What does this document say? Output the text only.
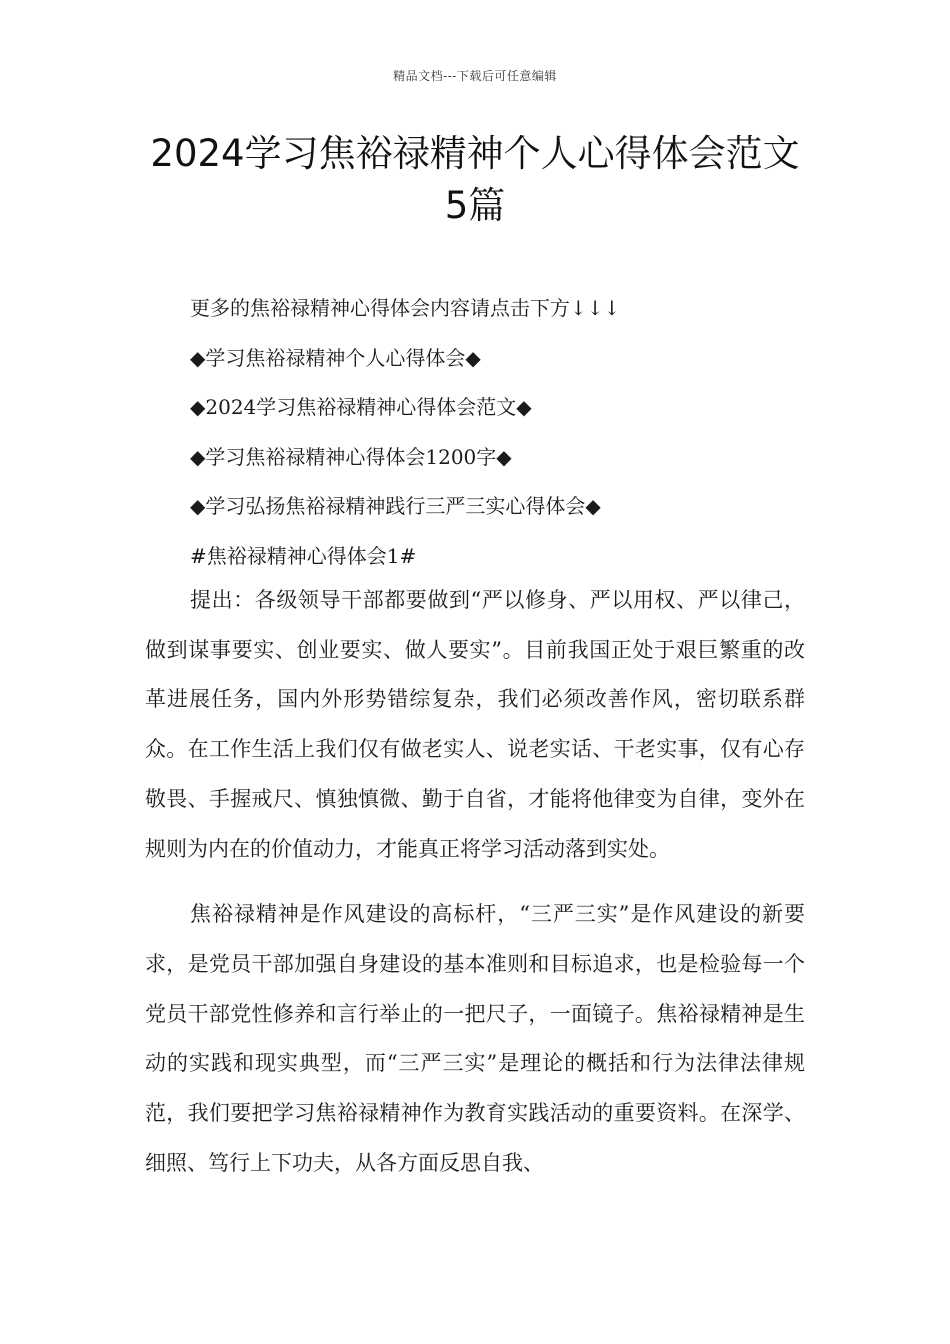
精品文档---下载后可任意编辑
2024学习焦裕禄精神个人心得体会范文
5篇
更多的焦裕禄精神心得体会内容请点击下方↓↓↓
◆学习焦裕禄精神个人心得体会◆
◆2024学习焦裕禄精神心得体会范文◆
◆学习焦裕禄精神心得体会1200字◆
◆学习弘扬焦裕禄精神践行三严三实心得体会◆
#焦裕禄精神心得体会1#

提出：各级领导干部都要做到“严以修身、严以用权、严以律己，做到谋事要实、创业要实、做人要实”。目前我国正处于艰巨繁重的改革进展任务，国内外形势错综复杂，我们必须改善作风，密切联系群众。在工作生活上我们仅有做老实人、说老实话、干老实事，仅有心存敬畏、手握戒尺、慎独慎微、勤于自省，才能将他律变为自律，变外在规则为内在的价值动力，才能真正将学习活动落到实处。

焦裕禄精神是作风建设的高标杆，“三严三实”是作风建设的新要求，是党员干部加强自身建设的基本准则和目标追求，也是检验每一个党员干部党性修养和言行举止的一把尺子，一面镜子。焦裕禄精神是生动的实践和现实典型，而“三严三实”是理论的概括和行为法律法律规范，我们要把学习焦裕禄精神作为教育实践活动的重要资料。在深学、细照、笃行上下功夫，从各方面反思自我、
